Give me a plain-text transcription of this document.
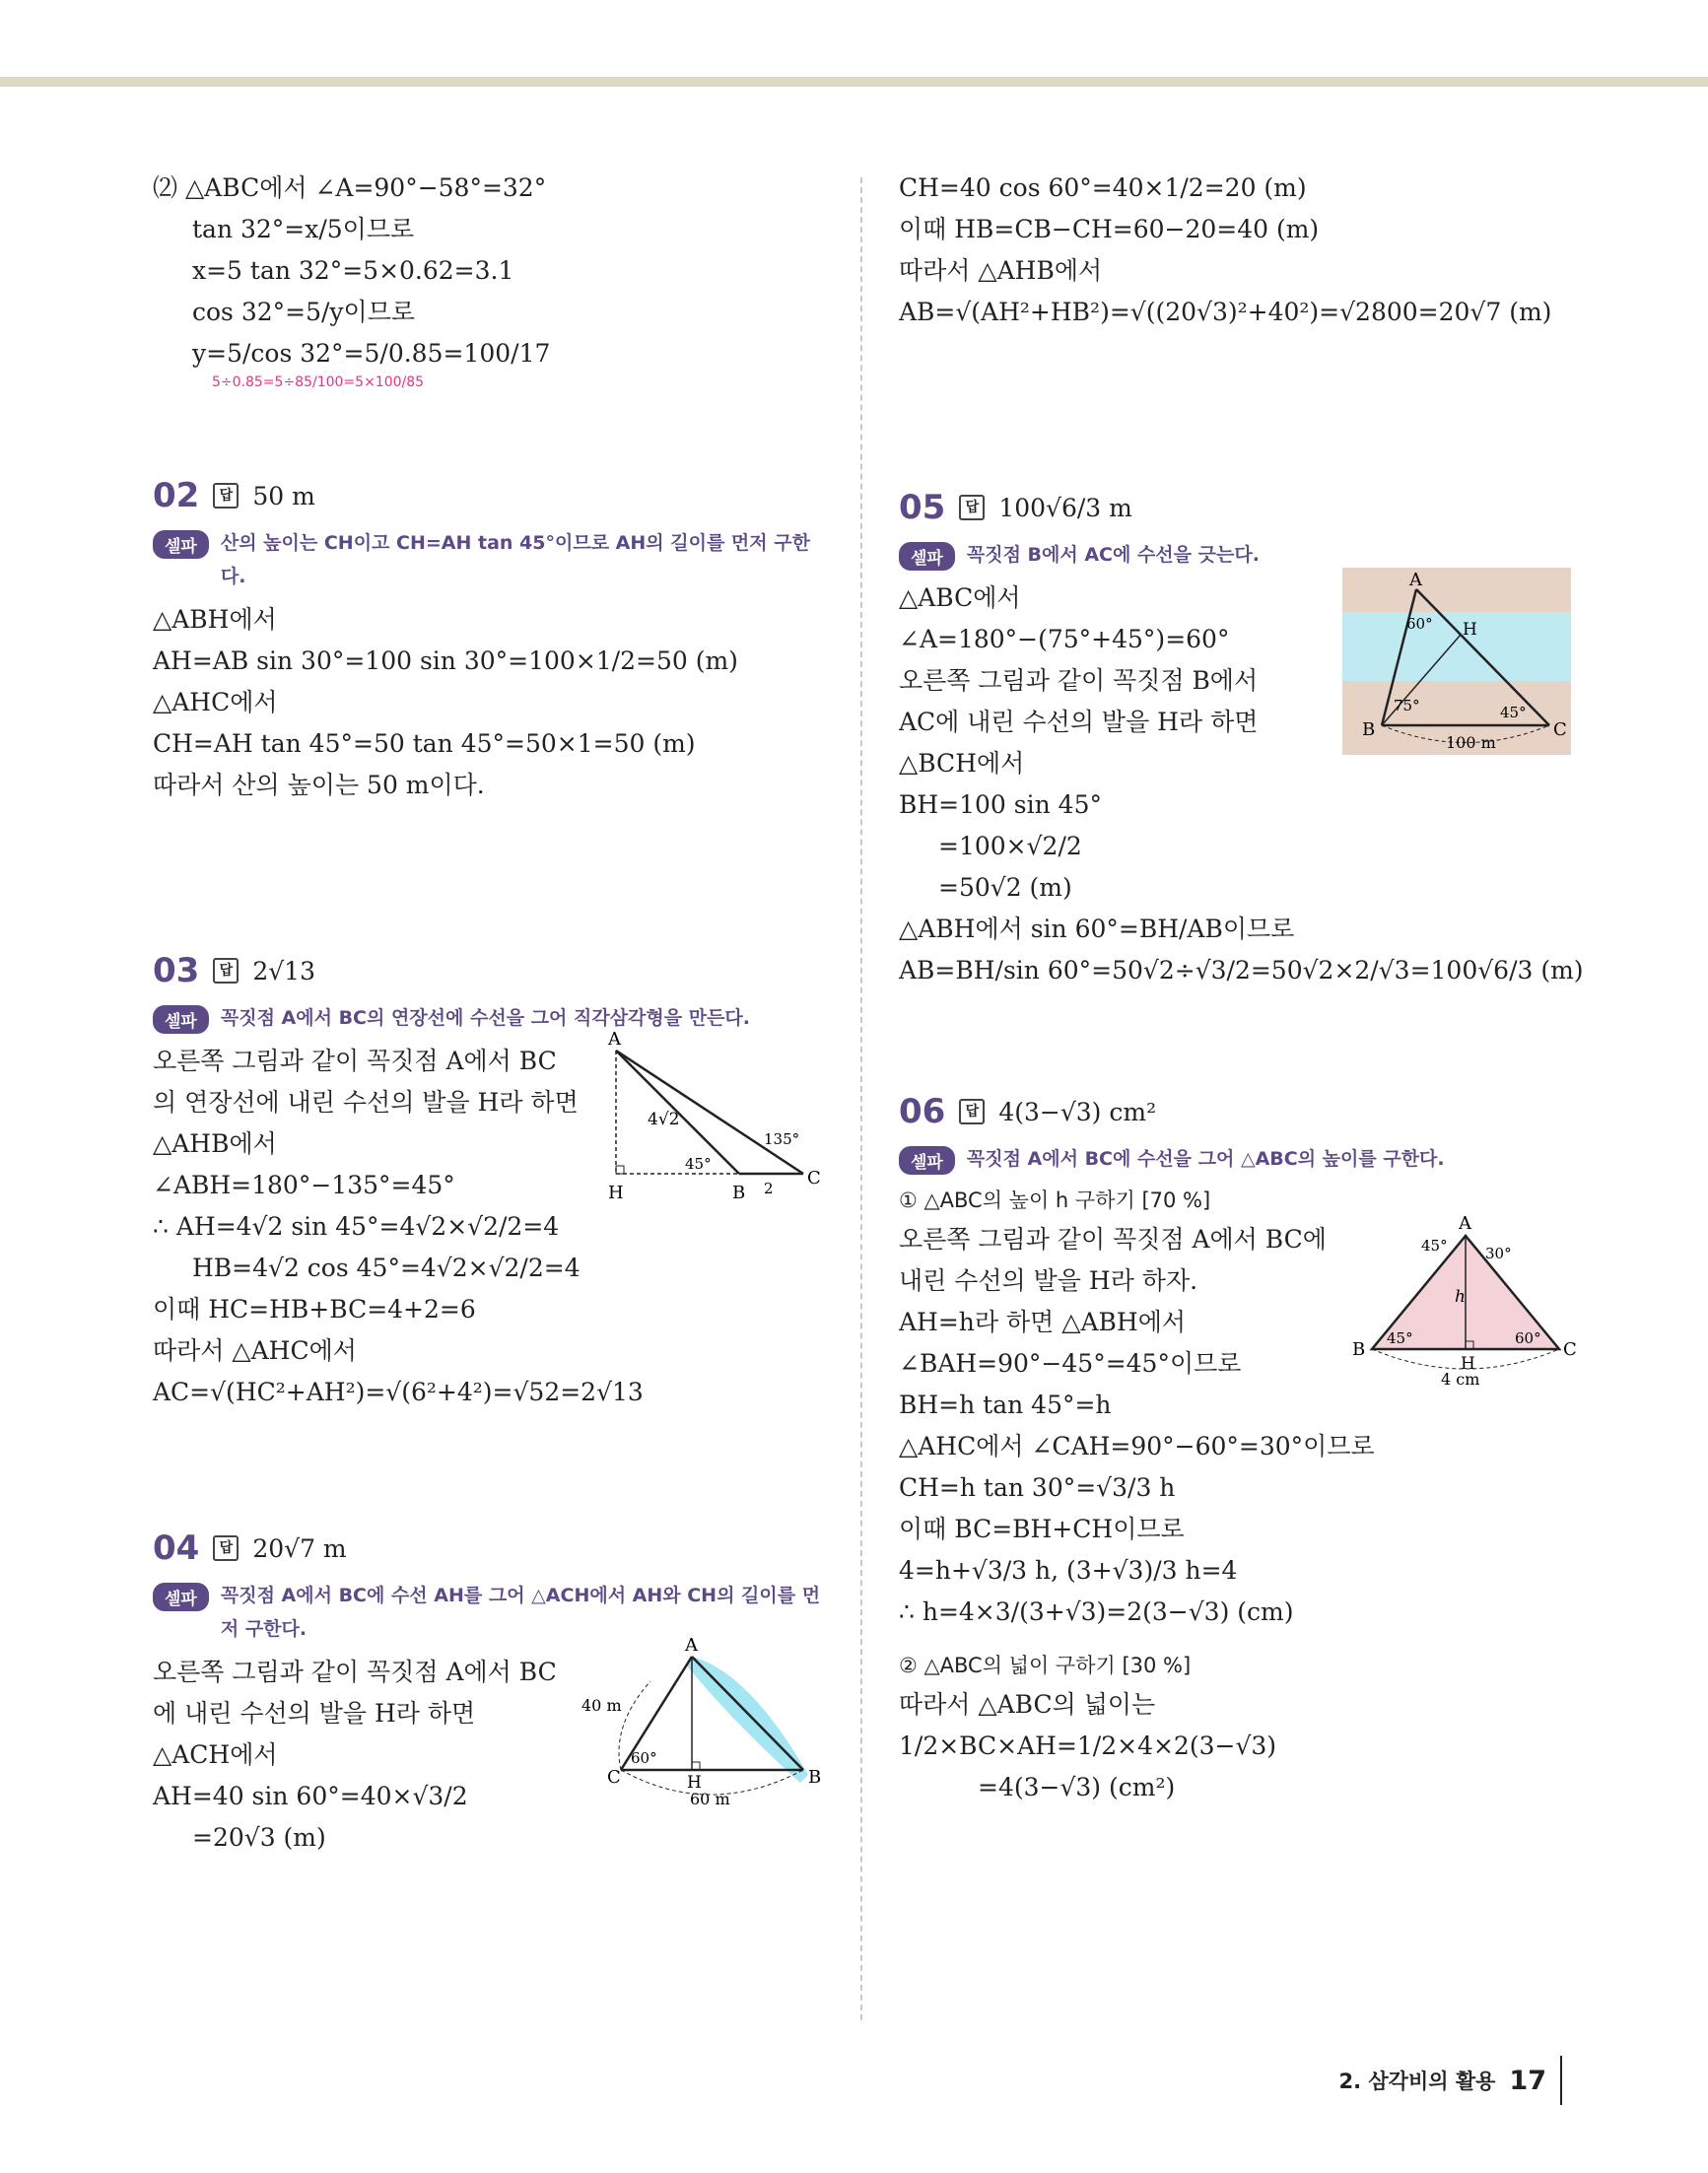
⑵ △ABC에서 ∠A=90°−58°=32°
tan 32°=x/5이므로
x=5 tan 32°=5×0.62=3.1
cos 32°=5/y이므로
y=5/cos 32°=5/0.85=100/17
5÷0.85=5÷85/100=5×100/85
02	답 50 m
셀파	산의 높이는 CH이고 CH=AH tan 45°이므로 AH의 길이를 먼저 구한다.
△ABH에서
AH=AB sin 30°=100 sin 30°=100×1/2=50 (m)
△AHC에서
CH=AH tan 45°=50 tan 45°=50×1=50 (m)
따라서 산의 높이는 50 m이다.
03	답 2√13
셀파	꼭짓점 A에서 BC의 연장선에 수선을 그어 직각삼각형을 만든다.
오른쪽 그림과 같이 꼭짓점 A에서 BC
의 연장선에 내린 수선의 발을 H라 하면
△AHB에서
∠ABH=180°−135°=45°
∴ AH=4√2 sin 45°=4√2×√2/2=4
HB=4√2 cos 45°=4√2×√2/2=4
이때 HC=HB+BC=4+2=6
따라서 △AHC에서
AC=√(HC²+AH²)=√(6²+4²)=√52=2√13
A
H	B
C
4√2
45°
135°
2
04	답 20√7 m
셀파	꼭짓점 A에서 BC에 수선 AH를 그어 △ACH에서 AH와 CH의 길이를 먼저 구한다.
오른쪽 그림과 같이 꼭짓점 A에서 BC
에 내린 수선의 발을 H라 하면
△ACH에서
AH=40 sin 60°=40×√3/2
=20√3 (m)
A
C	H	B
40 m
60°
60 m
CH=40 cos 60°=40×1/2=20 (m)
이때 HB=CB−CH=60−20=40 (m)
따라서 △AHB에서
AB=√(AH²+HB²)=√((20√3)²+40²)=√2800=20√7 (m)
05	답 100√6/3 m
셀파	꼭짓점 B에서 AC에 수선을 긋는다.
△ABC에서
∠A=180°−(75°+45°)=60°
오른쪽 그림과 같이 꼭짓점 B에서
AC에 내린 수선의 발을 H라 하면
△BCH에서
BH=100 sin 45°
=100×√2/2
=50√2 (m)
△ABH에서 sin 60°=BH/AB이므로
AB=BH/sin 60°=50√2÷√3/2=50√2×2/√3=100√6/3 (m)
A
B	C
H
60°
75°	45°
100 m
06	답 4(3−√3) cm²
셀파	꼭짓점 A에서 BC에 수선을 그어 △ABC의 높이를 구한다.
① △ABC의 높이 h 구하기 [70 %]
오른쪽 그림과 같이 꼭짓점 A에서 BC에
내린 수선의 발을 H라 하자.
AH=h라 하면 △ABH에서
∠BAH=90°−45°=45°이므로
BH=h tan 45°=h
△AHC에서 ∠CAH=90°−60°=30°이므로
CH=h tan 30°=√3/3 h
이때 BC=BH+CH이므로
4=h+√3/3 h, (3+√3)/3 h=4
∴ h=4×3/(3+√3)=2(3−√3) (cm)
② △ABC의 넓이 구하기 [30 %]
따라서 △ABC의 넓이는
1/2×BC×AH=1/2×4×2(3−√3)
=4(3−√3) (cm²)
A
B	C
H
h
45°	30°
45°	60°
4 cm
2. 삼각비의 활용 17
